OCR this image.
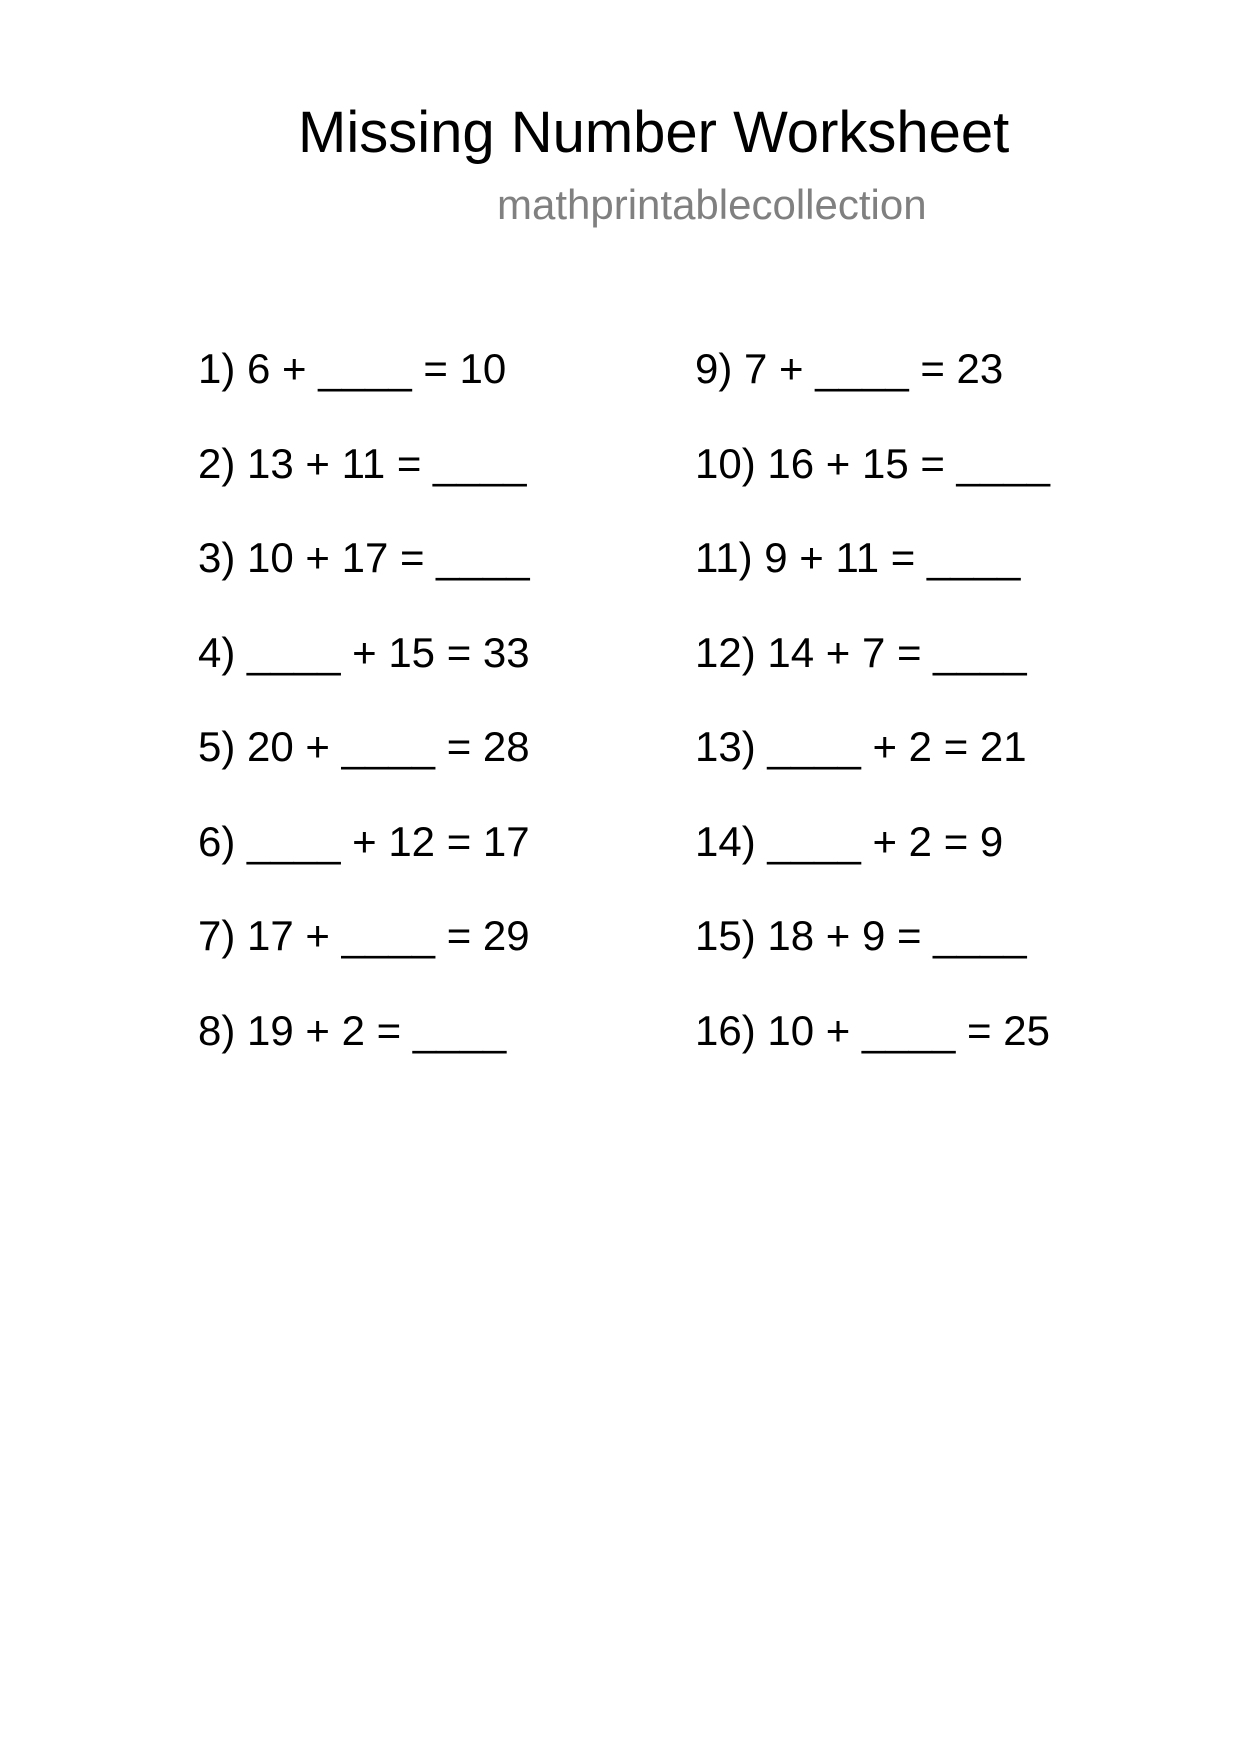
Missing Number Worksheet
mathprintablecollection
1) 6 + ____ = 10
2) 13 + 11 = ____
3) 10 + 17 = ____
4) ____ + 15 = 33
5) 20 + ____ = 28
6) ____ + 12 = 17
7) 17 + ____ = 29
8) 19 + 2 = ____
9) 7 + ____ = 23
10) 16 + 15 = ____
11) 9 + 11 = ____
12) 14 + 7 = ____
13) ____ + 2 = 21
14) ____ + 2 = 9
15) 18 + 9 = ____
16) 10 + ____ = 25
